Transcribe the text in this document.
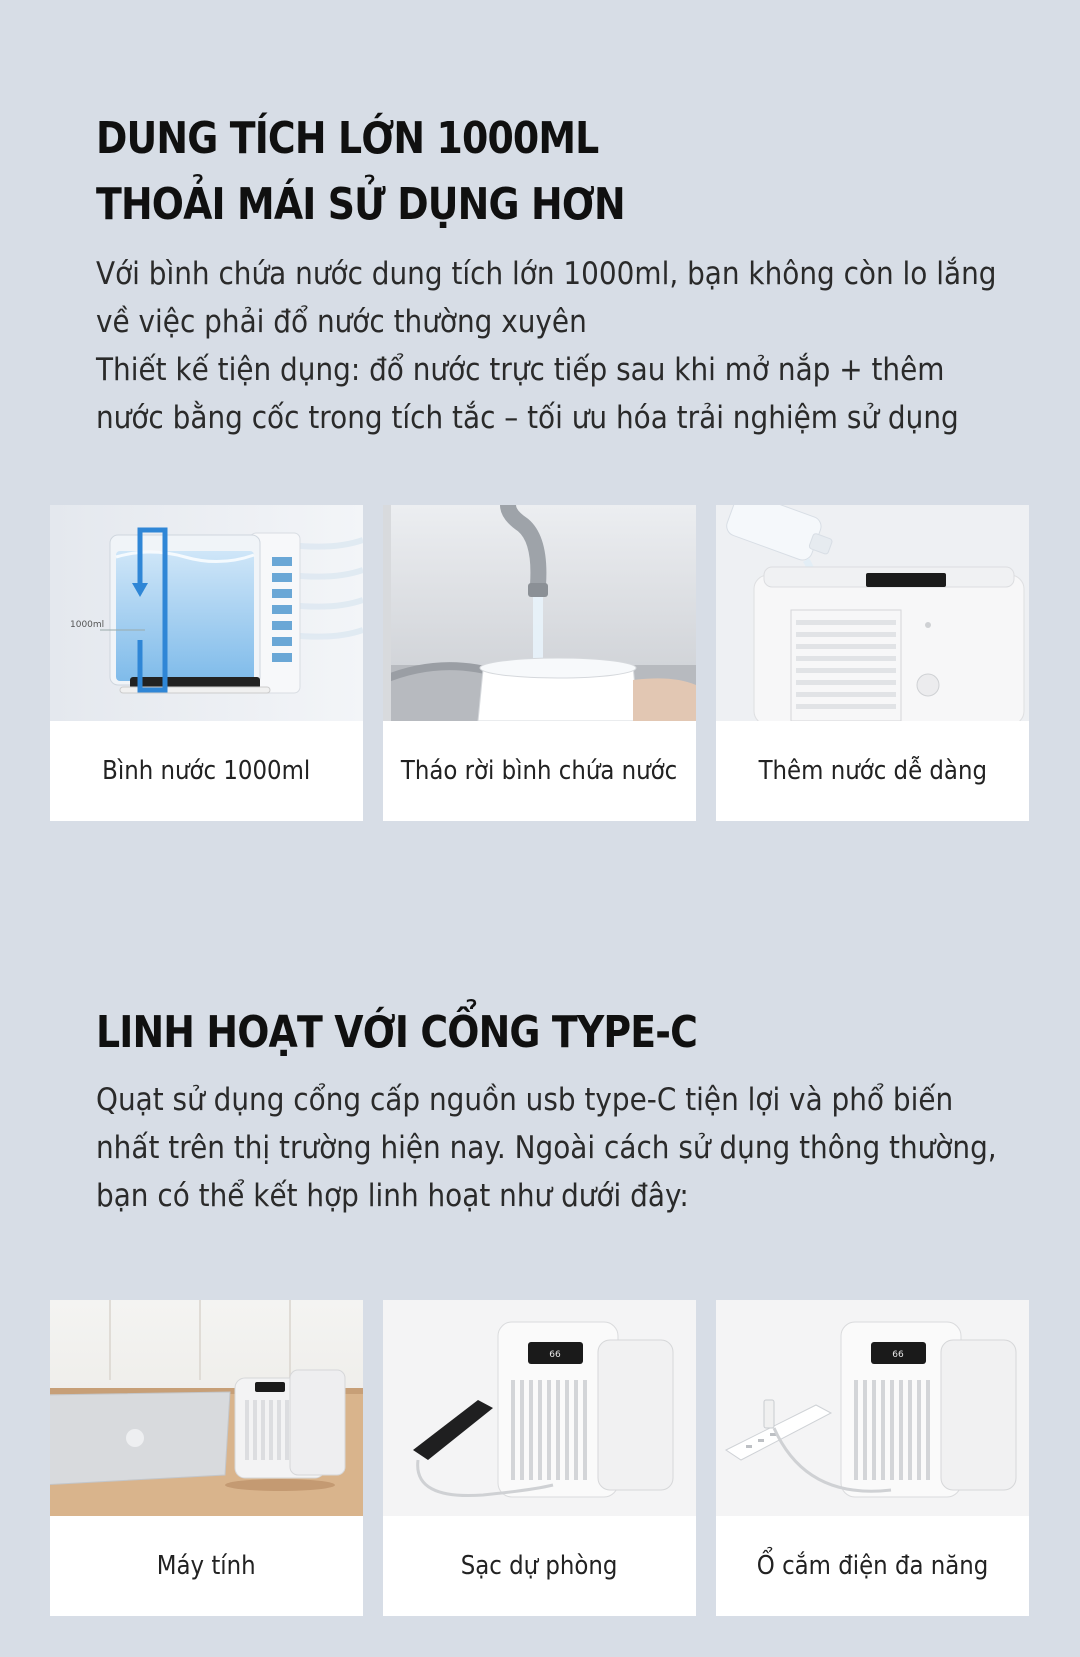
DUNG TÍCH LỚN 1000ML
THOẢI MÁI SỬ DỤNG HƠN

Với bình chứa nước dung tích lớn 1000ml, bạn không còn lo lắng
về việc phải đổ nước thường xuyên
Thiết kế tiện dụng: đổ nước trực tiếp sau khi mở nắp + thêm
nước bằng cốc trong tích tắc – tối ưu hóa trải nghiệm sử dụng

1000ml
Bình nước 1000ml	Tháo rời bình chứa nước	Thêm nước dễ dàng
LINH HOẠT VỚI CỔNG TYPE-C

Quạt sử dụng cổng cấp nguồn usb type-C tiện lợi và phổ biến
nhất trên thị trường hiện nay. Ngoài cách sử dụng thông thường,
bạn có thể kết hợp linh hoạt như dưới đây:

Máy tính
66
Sạc dự phòng
66
Ổ cắm điện đa năng
